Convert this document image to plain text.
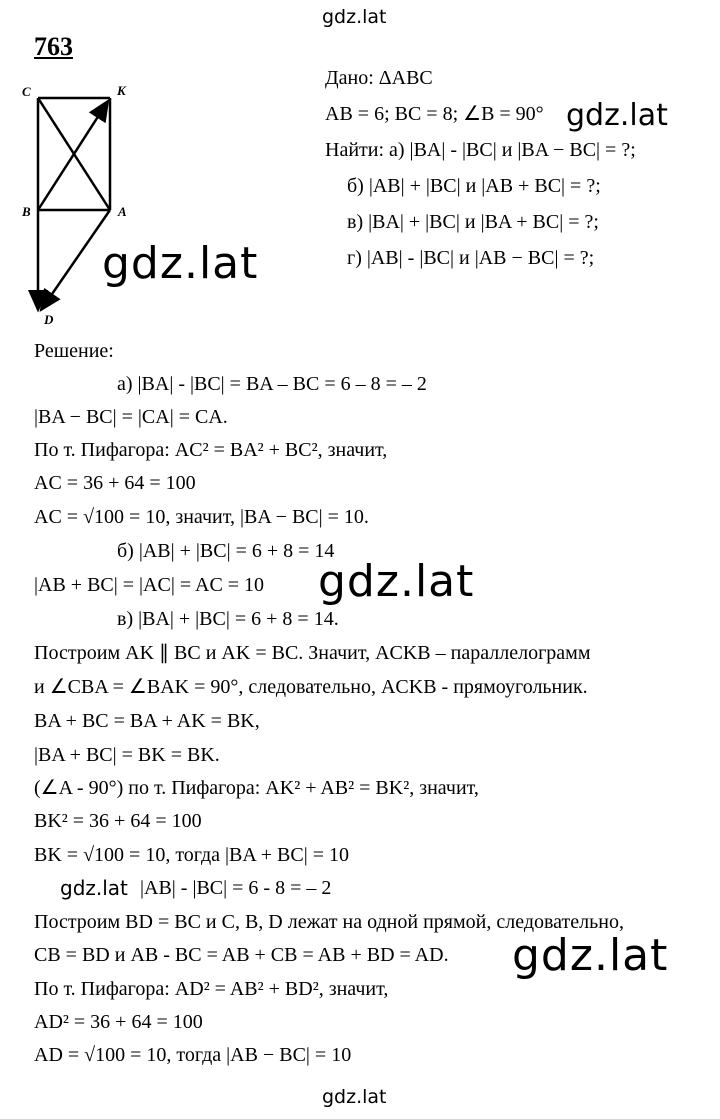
gdz.lat
gdz.lat
gdz.lat
gdz.lat
gdz.lat
gdz.lat
763
C	K
B	A
D
Дано: ΔABC
AB = 6; BC = 8; ∠B = 90°
Найти: а) |BA| - |BC| и |BA − BC| = ?;
б) |AB| + |BC| и |AB + BC| = ?;
в) |BA| + |BC| и |BA + BC| = ?;
г) |AB| - |BC| и |AB − BC| = ?;
Решение:
а) |BA| - |BC| = BA – BC = 6 – 8 = – 2
|BA − BC| = |CA| = CA.
По т. Пифагора: AC² = BA² + BC², значит,
AC = 36 + 64 = 100
AC = √100 = 10, значит, |BA − BC| = 10.
б) |AB| + |BC| = 6 + 8 = 14
|AB + BC| = |AC| = AC = 10
в) |BA| + |BC| = 6 + 8 = 14.
Построим AK ∥ BC и AK = BC. Значит, ACKB – параллелограмм
и ∠CBA = ∠BAK = 90°, следовательно, ACKB - прямоугольник.
BA + BC = BA + AK = BK,
|BA + BC| = BK = BK.
(∠A - 90°) по т. Пифагора: AK² + AB² = BK², значит,
BK² = 36 + 64 = 100
BK = √100 = 10, тогда |BA + BC| = 10
gdz.lat |AB| - |BC| = 6 - 8 = – 2
Построим BD = BC и C, B, D лежат на одной прямой, следовательно,
CB = BD и AB - BC = AB + CB = AB + BD = AD.
По т. Пифагора: AD² = AB² + BD², значит,
AD² = 36 + 64 = 100
AD = √100 = 10, тогда |AB − BC| = 10
